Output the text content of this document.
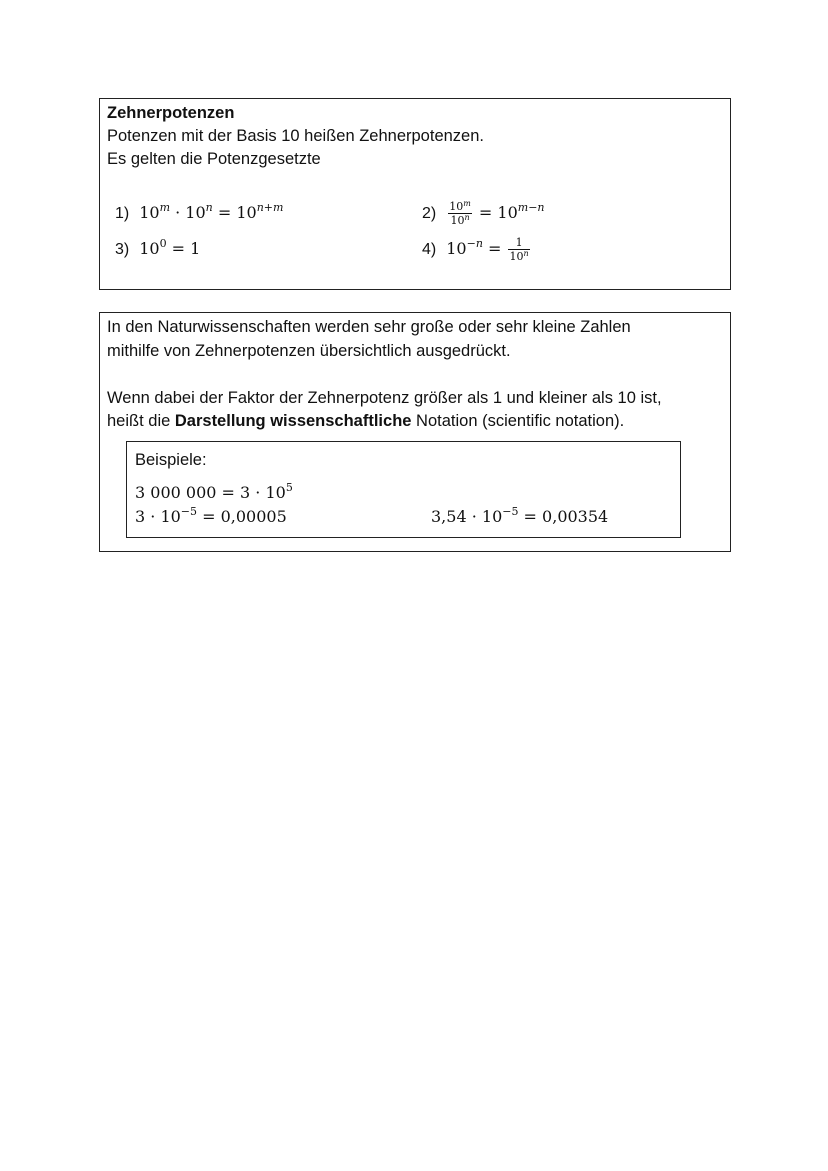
Zehnerpotenzen
Potenzen mit der Basis 10 heißen Zehnerpotenzen.
Es gelten die Potenzgesetzte
1) $10^m \cdot 10^n = 10^{n+m}$	$2) \frac{10^m}{10^n} = 10^{m-n}$
3) $10^0 = 1$	4) $10^{-n} = \frac{1}{10^n}$
In den Naturwissenschaften werden sehr große oder sehr kleine Zahlen
mithilfe von Zehnerpotenzen übersichtlich ausgedrückt.
Wenn dabei der Faktor der Zehnerpotenz größer als 1 und kleiner als 10 ist,
heißt die Darstellung wissenschaftliche Notation (scientific notation).
Beispiele:
3 000 $000 = 3 \cdot 10^5$
$3 \cdot 10^{-5} = 0,00005$	$3,54 \cdot 10^{-5} = 0,00354$
